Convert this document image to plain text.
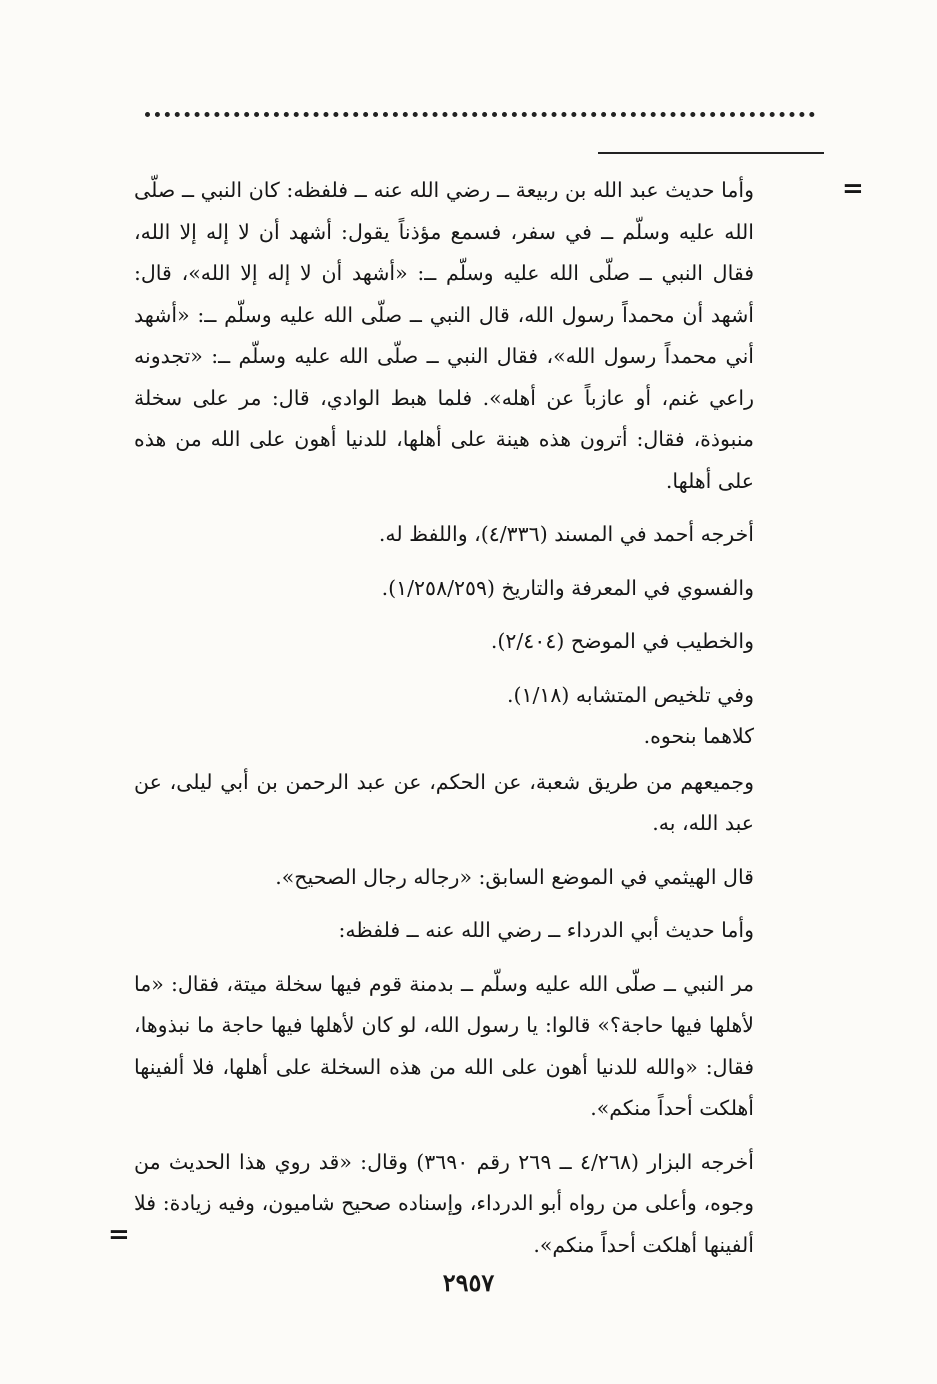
=
=

وأما حديث عبد الله بن ربيعة ــ رضي الله عنه ــ فلفظه: كان النبي ــ صلّى الله عليه وسلّم ــ في سفر، فسمع مؤذناً يقول: أشهد أن لا إله إلا الله، فقال النبي ــ صلّى الله عليه وسلّم ــ: «أشهد أن لا إله إلا الله»، قال: أشهد أن محمداً رسول الله، قال النبي ــ صلّى الله عليه وسلّم ــ: «أشهد أني محمداً رسول الله»، فقال النبي ــ صلّى الله عليه وسلّم ــ: «تجدونه راعي غنم، أو عازباً عن أهله». فلما هبط الوادي، قال: مر على سخلة منبوذة، فقال: أترون هذه هينة على أهلها، للدنيا أهون على الله من هذه على أهلها.

أخرجه أحمد في المسند (٤/٣٣٦)، واللفظ له.

والفسوي في المعرفة والتاريخ (١/٢٥٨/٢٥٩).

والخطيب في الموضح (٢/٤٠٤).

وفي تلخيص المتشابه (١/١٨).

كلاهما بنحوه.

وجميعهم من طريق شعبة، عن الحكم، عن عبد الرحمن بن أبي ليلى، عن عبد الله، به.

قال الهيثمي في الموضع السابق: «رجاله رجال الصحيح».

وأما حديث أبي الدرداء ــ رضي الله عنه ــ فلفظه:

مر النبي ــ صلّى الله عليه وسلّم ــ بدمنة قوم فيها سخلة ميتة، فقال: «ما لأهلها فيها حاجة؟» قالوا: يا رسول الله، لو كان لأهلها فيها حاجة ما نبذوها، فقال: «والله للدنيا أهون على الله من هذه السخلة على أهلها، فلا ألفينها أهلكت أحداً منكم».

أخرجه البزار (٤/٢٦٨ ــ ٢٦٩ رقم ٣٦٩٠) وقال: «قد روي هذا الحديث من وجوه، وأعلى من رواه أبو الدرداء، وإسناده صحيح شاميون، وفيه زيادة: فلا ألفينها أهلكت أحداً منكم».

٢٩٥٧
